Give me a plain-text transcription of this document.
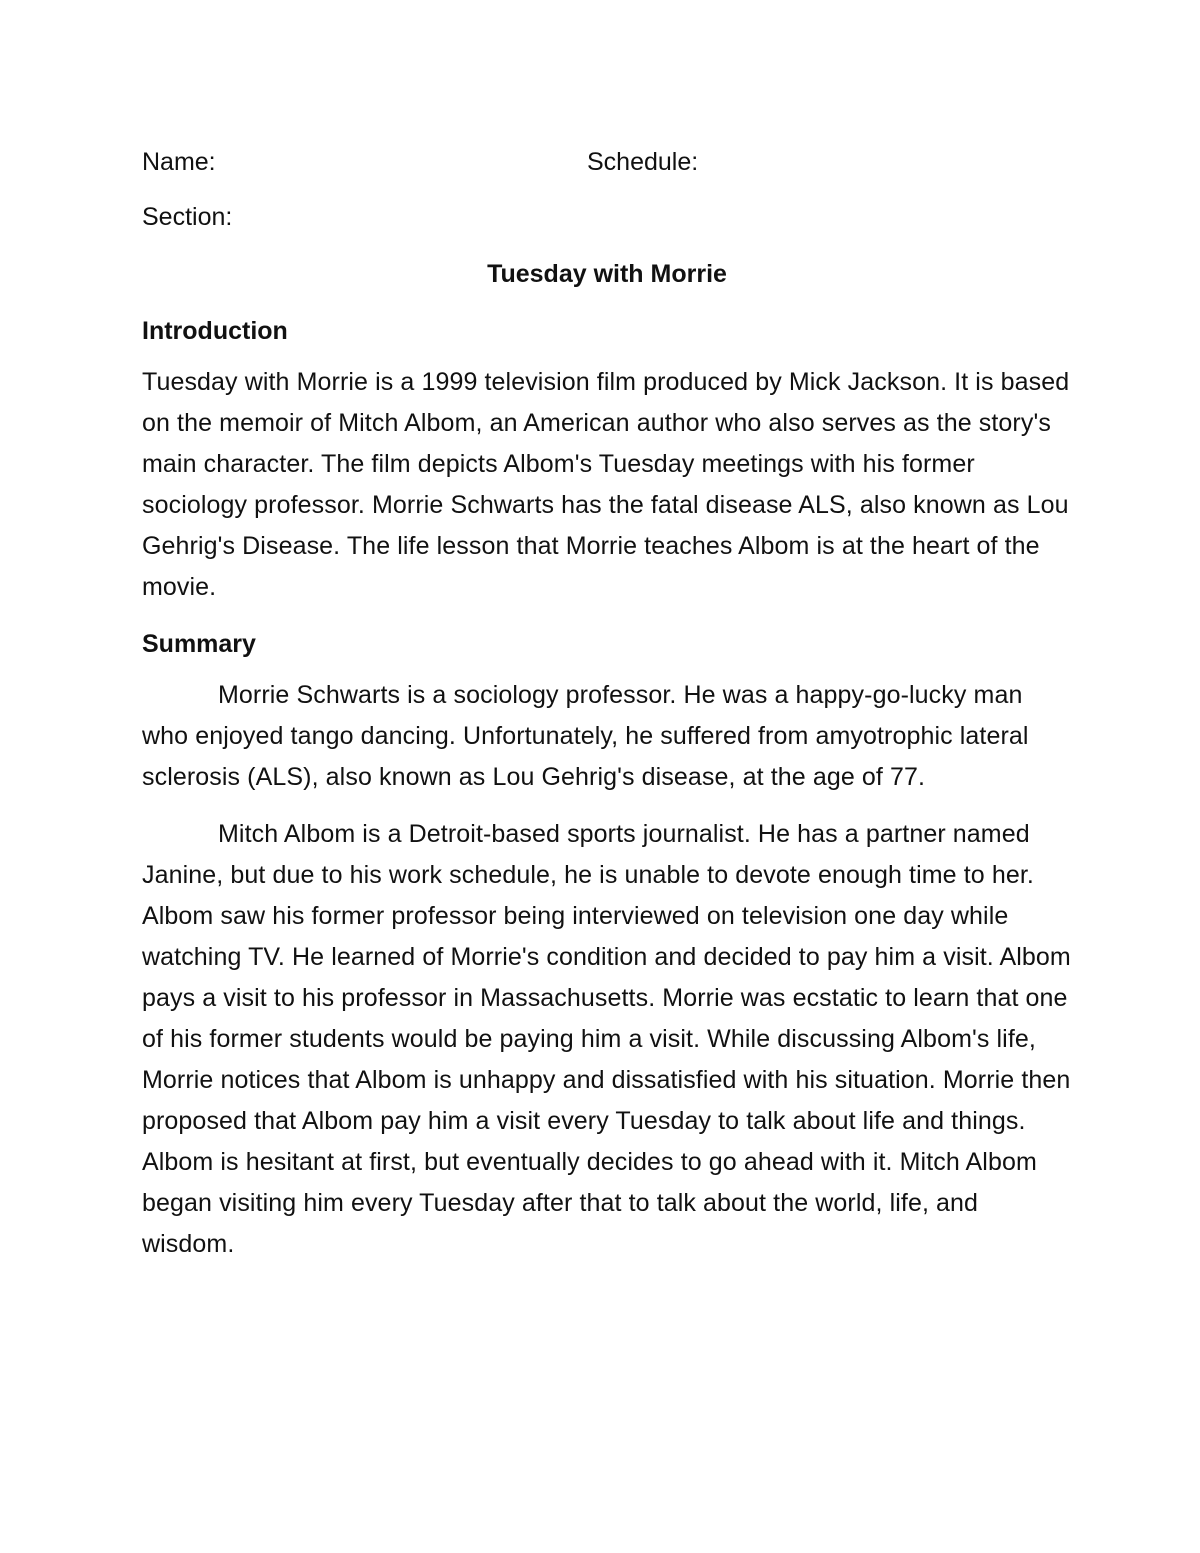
Name:	Schedule:
Section:
Tuesday with Morrie
Introduction

Tuesday with Morrie is a 1999 television film produced by Mick Jackson. It is based on the memoir of Mitch Albom, an American author who also serves as the story's main character. The film depicts Albom's Tuesday meetings with his former sociology professor. Morrie Schwarts has the fatal disease ALS, also known as Lou Gehrig's Disease. The life lesson that Morrie teaches Albom is at the heart of the movie.

Summary

Morrie Schwarts is a sociology professor. He was a happy-go-lucky man who enjoyed tango dancing. Unfortunately, he suffered from amyotrophic lateral sclerosis (ALS), also known as Lou Gehrig's disease, at the age of 77.

Mitch Albom is a Detroit-based sports journalist. He has a partner named Janine, but due to his work schedule, he is unable to devote enough time to her. Albom saw his former professor being interviewed on television one day while watching TV. He learned of Morrie's condition and decided to pay him a visit. Albom pays a visit to his professor in Massachusetts. Morrie was ecstatic to learn that one of his former students would be paying him a visit. While discussing Albom's life, Morrie notices that Albom is unhappy and dissatisfied with his situation. Morrie then proposed that Albom pay him a visit every Tuesday to talk about life and things. Albom is hesitant at first, but eventually decides to go ahead with it. Mitch Albom began visiting him every Tuesday after that to talk about the world, life, and wisdom.
